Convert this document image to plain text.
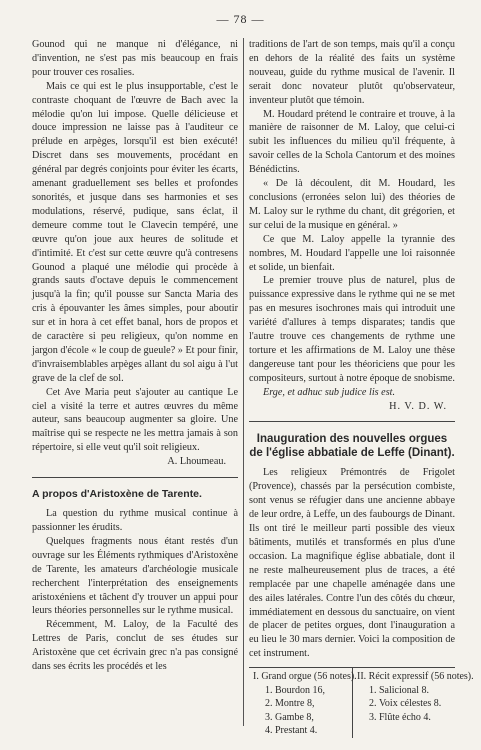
— 78 —

Gounod qui ne manque ni d'élégance, ni d'invention, ne s'est pas mis beaucoup en frais pour trouver ces rosalies.

Mais ce qui est le plus insupportable, c'est le contraste choquant de l'œuvre de Bach avec la mélodie qu'on lui impose. Quelle délicieuse et douce impression ne laisse pas à l'auditeur ce prélude en arpèges, lorsqu'il est bien exécuté! Discret dans ses mouvements, procédant en général par degrés conjoints pour éviter les écarts, amenant graduellement ses belles et profondes sonorités, et jusque dans ses harmonies et ses modulations, réservé, pudique, sans éclat, il demeure comme tout le Clavecin tempéré, une œuvre qu'on joue aux heures de solitude et d'intimité. Et c'est sur cette œuvre qu'à contresens Gounod a plaqué une mélodie qui procède à grands sauts d'octave depuis le commencement jusqu'à la fin; qu'il pousse sur Sancta Maria des cris à épouvanter les âmes simples, pour aboutir sur et in hora à cet effet banal, hors de propos et de caractère si peu religieux, qu'on nomme en jargon d'école « le coup de gueule? » Et pour finir, d'invraisemblables arpèges allant du sol aigu à l'ut grave de la clef de sol.

Cet Ave Maria peut s'ajouter au cantique Le ciel a visité la terre et autres œuvres du même auteur, sans beaucoup augmenter sa gloire. Une maîtrise qui se respecte ne les mettra jamais à son répertoire, si elle veut qu'il soit religieux.

A. Lhoumeau.

A propos d'Aristoxène de Tarente.

La question du rythme musical continue à passionner les érudits.

Quelques fragments nous étant restés d'un ouvrage sur les Éléments rythmiques d'Aristoxène de Tarente, les amateurs d'archéologie musicale recherchent l'interprétation des enseignements aristoxéniens et tâchent d'y trouver un appui pour leurs théories personnelles sur le rythme musical.

Récemment, M. Laloy, de la Faculté des Lettres de Paris, conclut de ses études sur Aristoxène que cet écrivain grec n'a pas consigné dans ses écrits les procédés et les

traditions de l'art de son temps, mais qu'il a conçu en dehors de la réalité des faits un système nouveau, guide du rythme musical de l'avenir. Il serait donc novateur plutôt qu'observateur, inventeur plutôt que témoin.

M. Houdard prétend le contraire et trouve, à la manière de raisonner de M. Laloy, que celui-ci subit les influences du milieu qu'il fréquente, à savoir celles de la Schola Cantorum et des moines Bénédictins.

« De là découlent, dit M. Houdard, les conclusions (erronées selon lui) des théories de M. Laloy sur le rythme du chant, dit grégorien, et sur celui de la musique en général. »

Ce que M. Laloy appelle la tyrannie des nombres, M. Houdard l'appelle une loi raisonnée et solide, un bienfait.

Le premier trouve plus de naturel, plus de puissance expressive dans le rythme qui ne se met pas en mesures isochrones mais qui introduit une variété d'allures à temps disparates; tandis que l'autre trouve ces changements de rythme une torture et les affirmations de M. Laloy une thèse dangereuse tant pour les théoriciens que pour les compositeurs, surtout à notre époque de snobisme.

Erge, et adhuc sub judice lis est.

H. V. D. W.

Inauguration des nouvelles orgues de l'église abbatiale de Leffe (Dinant).

Les religieux Prémontrés de Frigolet (Provence), chassés par la persécution combiste, sont venus se réfugier dans une ancienne abbaye de leur ordre, à Leffe, un des faubourgs de Dinant. Ils ont tiré le meilleur parti possible des vieux bâtiments, mutilés et transformés en plus d'une occasion. La magnifique église abbatiale, dont il ne reste malheureusement plus de traces, a été remplacée par une chapelle aménagée dans une des ailes latérales. Contre l'un des côtés du chœur, immédiatement en dessous du sanctuaire, on vient de placer de petites orgues, dont l'inauguration a eu lieu le 30 mars dernier. Voici la composition de cet instrument.

I. Grand orgue (56 notes).
1. Bourdon 16,
2. Montre 8,
3. Gambe 8,
4. Prestant 4.
II. Récit expressif (56 notes).
1. Salicional 8.
2. Voix célestes 8.
3. Flûte écho 4.
